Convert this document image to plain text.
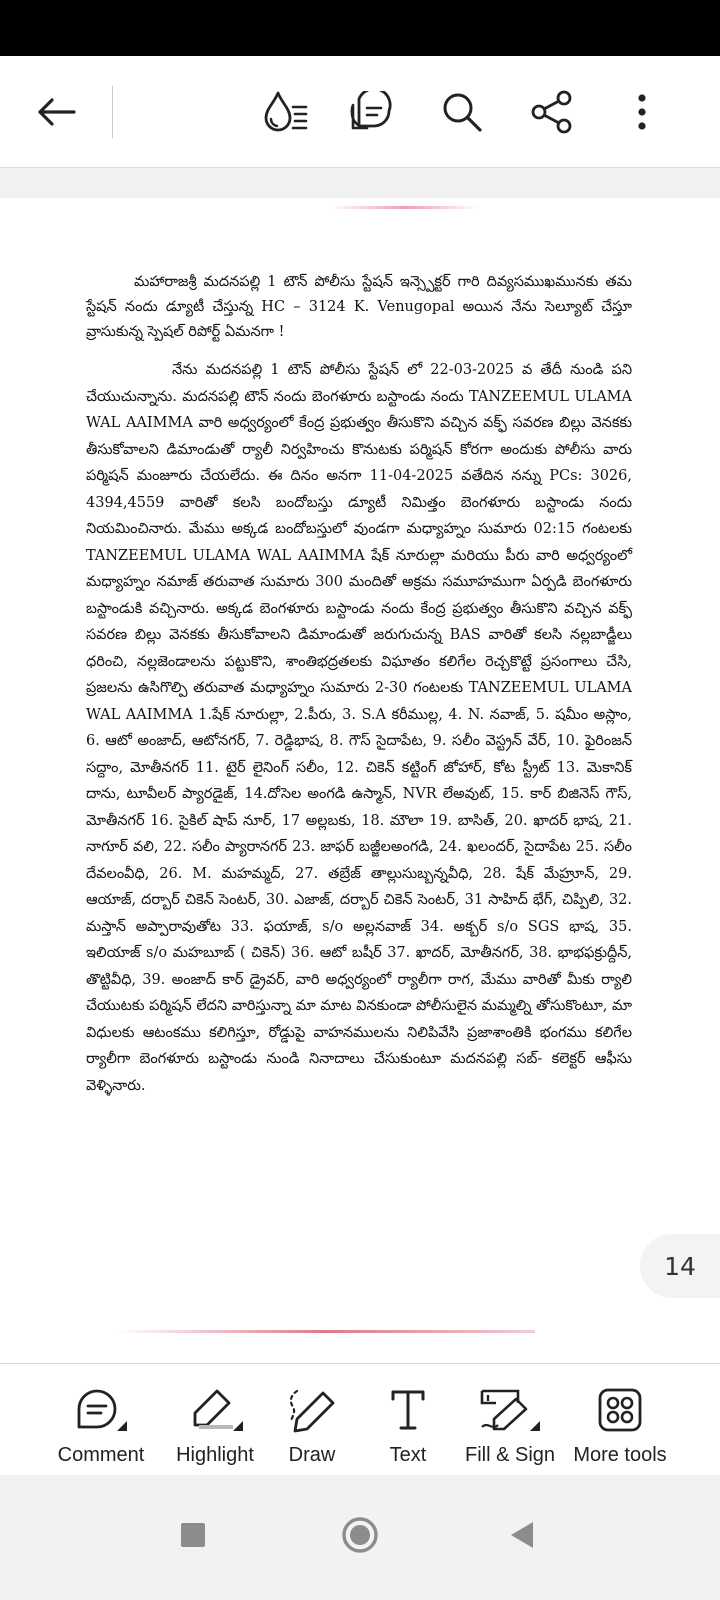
మహారాజశ్రీ మదనపల్లి 1 టౌన్ పోలీసు స్టేషన్ ఇన్స్పెక్టర్ గారి దివ్యసముఖమునకు తమ స్టేషన్ నందు డ్యూటీ చేస్తున్న HC – 3124 K. Venugopal అయిన నేను సెల్యూట్ చేస్తూ వ్రాసుకున్న స్పెషల్ రిపోర్ట్ ఏమనగా !

నేను మదనపల్లి 1 టౌన్ పోలీసు స్టేషన్ లో 22-03-2025 వ తేదీ నుండి పని చేయుచున్నాను. మదనపల్లి టౌన్ నందు బెంగళూరు బస్టాండు నందు TANZEEMUL ULAMA WAL AAIMMA వారి అధ్వర్యంలో కేంద్ర ప్రభుత్వం తీసుకొని వచ్చిన వక్ఫ్ సవరణ బిల్లు వెనకకు తీసుకోవాలని డిమాండుతో ర్యాలీ నిర్వహించు కొనుటకు పర్మిషన్ కోరగా అందుకు పోలీసు వారు పర్మిషన్ మంజూరు చేయలేదు. ఈ దినం అనగా 11-04-2025 వతేదిన నన్ను PCs: 3026, 4394,4559 వారితో కలసి బందోబస్తు డ్యూటీ నిమిత్తం బెంగళూరు బస్టాండు నందు నియమించినారు. మేము అక్కడ బందోబస్తులో వుండగా మధ్యాహ్నం సుమారు 02:15 గంటలకు TANZEEMUL ULAMA WAL AAIMMA షేక్ నూరుల్లా మరియు పీరు వారి అధ్వర్యంలో మధ్యాహ్నం నమాజ్ తరువాత సుమారు 300 మందితో అక్రమ సమూహముగా ఏర్పడి బెంగళూరు బస్టాండుకి వచ్చినారు. అక్కడ బెంగళూరు బస్టాండు నందు కేంద్ర ప్రభుత్వం తీసుకొని వచ్చిన వక్ఫ్ సవరణ బిల్లు వెనకకు తీసుకోవాలని డిమాండుతో జరుగుచున్న BAS వారితో కలసి నల్లబాడ్జీలు ధరించి, నల్లజెండాలను పట్టుకొని, శాంతిభద్రతలకు విఘాతం కలిగేల రెచ్చకొట్టే ప్రసంగాలు చేసి, ప్రజలను ఉసిగొల్పి తరువాత మధ్యాహ్నం సుమారు 2-30 గంటలకు TANZEEMUL ULAMA WAL AAIMMA 1.షేక్ నూరుల్లా, 2.పీరు, 3. S.A కరీముల్ల, 4. N. నవాజ్, 5. షమీం అస్లాం, 6. ఆటో అంజాద్, ఆటోనగర్, 7. రెడ్డిభాష, 8. గౌస్ సైదాపేట, 9. సలీం వెస్ట్రన్ వేర్, 10. ఫైరింజన్ సద్దాం, మోతీనగర్ 11. టైర్ లైనింగ్ సలీం, 12. చికెన్ కట్టింగ్ జోహార్, కోట స్ట్రీట్ 13. మెకానిక్ దాను, టూవీలర్ ప్యారడైజ్, 14.దోసెల అంగడి ఉస్మాన్, NVR లేఅవుట్, 15. కార్ బిజినెస్ గౌస్, మోతీనగర్ 16. సైకిల్ షాప్ నూర్, 17 అల్లబకు, 18. మౌలా 19. బాసిత్, 20. ఖాదర్ భాష, 21. నాగూర్ వలి, 22. సలీం ప్యారానగర్ 23. జాఫర్ బజ్జీలఅంగడి, 24. ఖలందర్, సైదాపేట 25. సలీం దేవలంవీధి, 26. M. మహమ్మద్, 27. తబ్రేజ్ తాల్లుసుబ్బన్నవీధి, 28. షేక్ మేహ్రూన్, 29. ఆయాజ్, దర్బార్ చికెన్ సెంటర్, 30. ఎజాజ్, దర్బార్ చికెన్ సెంటర్, 31 సాహిద్ భేగ్, చిప్పిలి, 32. మస్తాన్ అప్పారావుతోట 33. ఫయాజ్, s/o అల్లనవాజ్ 34. అక్బర్ s/o SGS భాష, 35. ఇలియాజ్ s/o మహబూబ్ ( చికెన్) 36. ఆటో బషీర్ 37. ఖాదర్, మోతీనగర్, 38. భాభఫక్రుద్దీన్, తొట్టివీధి, 39. అంజాద్ కార్ డ్రైవర్, వారి అధ్వర్యంలో ర్యాలీగా రాగ, మేము వారితో మీకు ర్యాలి చేయుటకు పర్మిషన్ లేదని వారిస్తున్నా మా మాట వినకుండా పోలీసులైన మమ్మల్ని తోసుకొంటూ, మా విధులకు ఆటంకము కలిగిస్తూ, రోడ్డుపై వాహనములను నిలిపివేసి ప్రజాశాంతికి భంగము కలిగేల ర్యాలీగా బెంగళూరు బస్టాండు నుండి నినాదాలు చేసుకుంటూ మదనపల్లి సబ్- కలెక్టర్ ఆఫీసు వెళ్ళినారు.

14
Comment Highlight Draw	Text Fill & Sign More tools
